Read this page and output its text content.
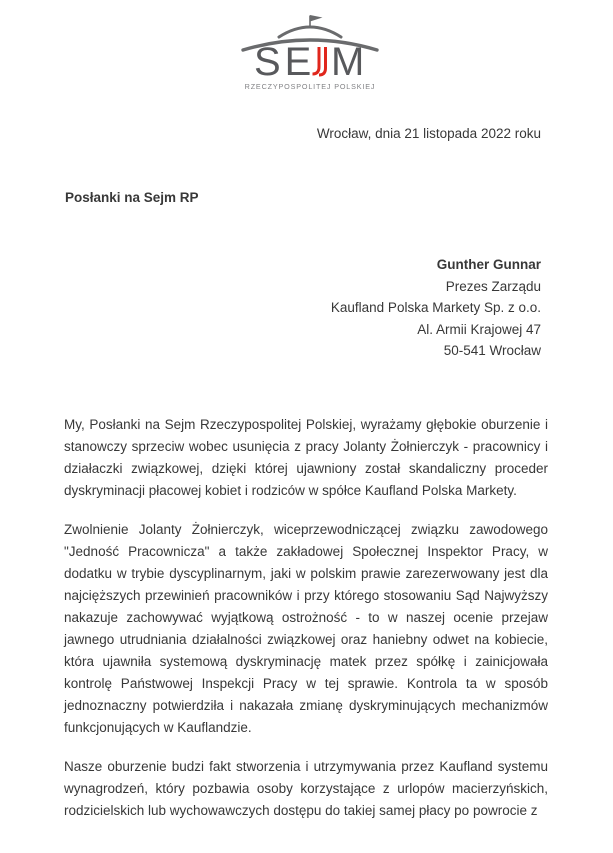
SE M
RZECZYPOSPOLITEJ POLSKIEJ
Wrocław, dnia 21 listopada 2022 roku
Posłanki na Sejm RP
Gunther Gunnar
Prezes Zarządu
Kaufland Polska Markety Sp. z o.o.
Al. Armii Krajowej 47
50-541 Wrocław

My, Posłanki na Sejm Rzeczypospolitej Polskiej, wyrażamy głębokie oburzenie i stanowczy sprzeciw wobec usunięcia z pracy Jolanty Żołnierczyk - pracownicy i działaczki związkowej, dzięki której ujawniony został skandaliczny proceder dyskryminacji płacowej kobiet i rodziców w spółce Kaufland Polska Markety.

Zwolnienie Jolanty Żołnierczyk, wiceprzewodniczącej związku zawodowego "Jedność Pracownicza" a także zakładowej Społecznej Inspektor Pracy, w dodatku w trybie dyscyplinarnym, jaki w polskim prawie zarezerwowany jest dla najcięższych przewinień pracowników i przy którego stosowaniu Sąd Najwyższy nakazuje zachowywać wyjątkową ostrożność - to w naszej ocenie przejaw jawnego utrudniania działalności związkowej oraz haniebny odwet na kobiecie, która ujawniła systemową dyskryminację matek przez spółkę i zainicjowała kontrolę Państwowej Inspekcji Pracy w tej sprawie. Kontrola ta w sposób jednoznaczny potwierdziła i nakazała zmianę dyskryminujących mechanizmów funkcjonujących w Kauflandzie.

Nasze oburzenie budzi fakt stworzenia i utrzymywania przez Kaufland systemu wynagrodzeń, który pozbawia osoby korzystające z urlopów macierzyńskich, rodzicielskich lub wychowawczych dostępu do takiej samej płacy po powrocie z
